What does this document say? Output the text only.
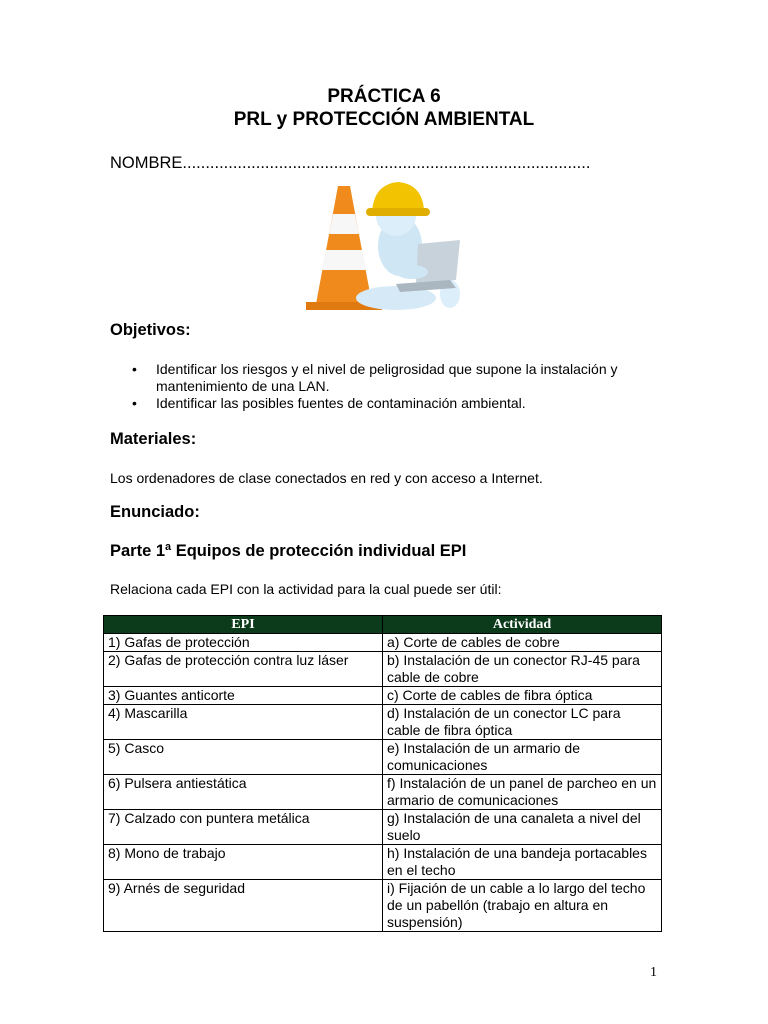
PRÁCTICA 6
PRL y PROTECCIÓN AMBIENTAL
NOMBRE.........................................................................................
Objetivos:
• Identificar los riesgos y el nivel de peligrosidad que supone la instalación y mantenimiento de una LAN.
• Identificar las posibles fuentes de contaminación ambiental.
Materiales:
Los ordenadores de clase conectados en red y con acceso a Internet.
Enunciado:
Parte 1ª Equipos de protección individual EPI
Relaciona cada EPI con la actividad para la cual puede ser útil:
EPI	Actividad
1) Gafas de protección	a) Corte de cables de cobre
2) Gafas de protección contra luz láser	b) Instalación de un conector RJ-45 para cable de cobre
3) Guantes anticorte	c) Corte de cables de fibra óptica
4) Mascarilla	d) Instalación de un conector LC para cable de fibra óptica
5) Casco	e) Instalación de un armario de comunicaciones
6) Pulsera antiestática	f) Instalación de un panel de parcheo en un armario de comunicaciones
7) Calzado con puntera metálica	g) Instalación de una canaleta a nivel del suelo
8) Mono de trabajo	h) Instalación de una bandeja portacables en el techo
9) Arnés de seguridad	i) Fijación de un cable a lo largo del techo de un pabellón (trabajo en altura en suspensión)
1
